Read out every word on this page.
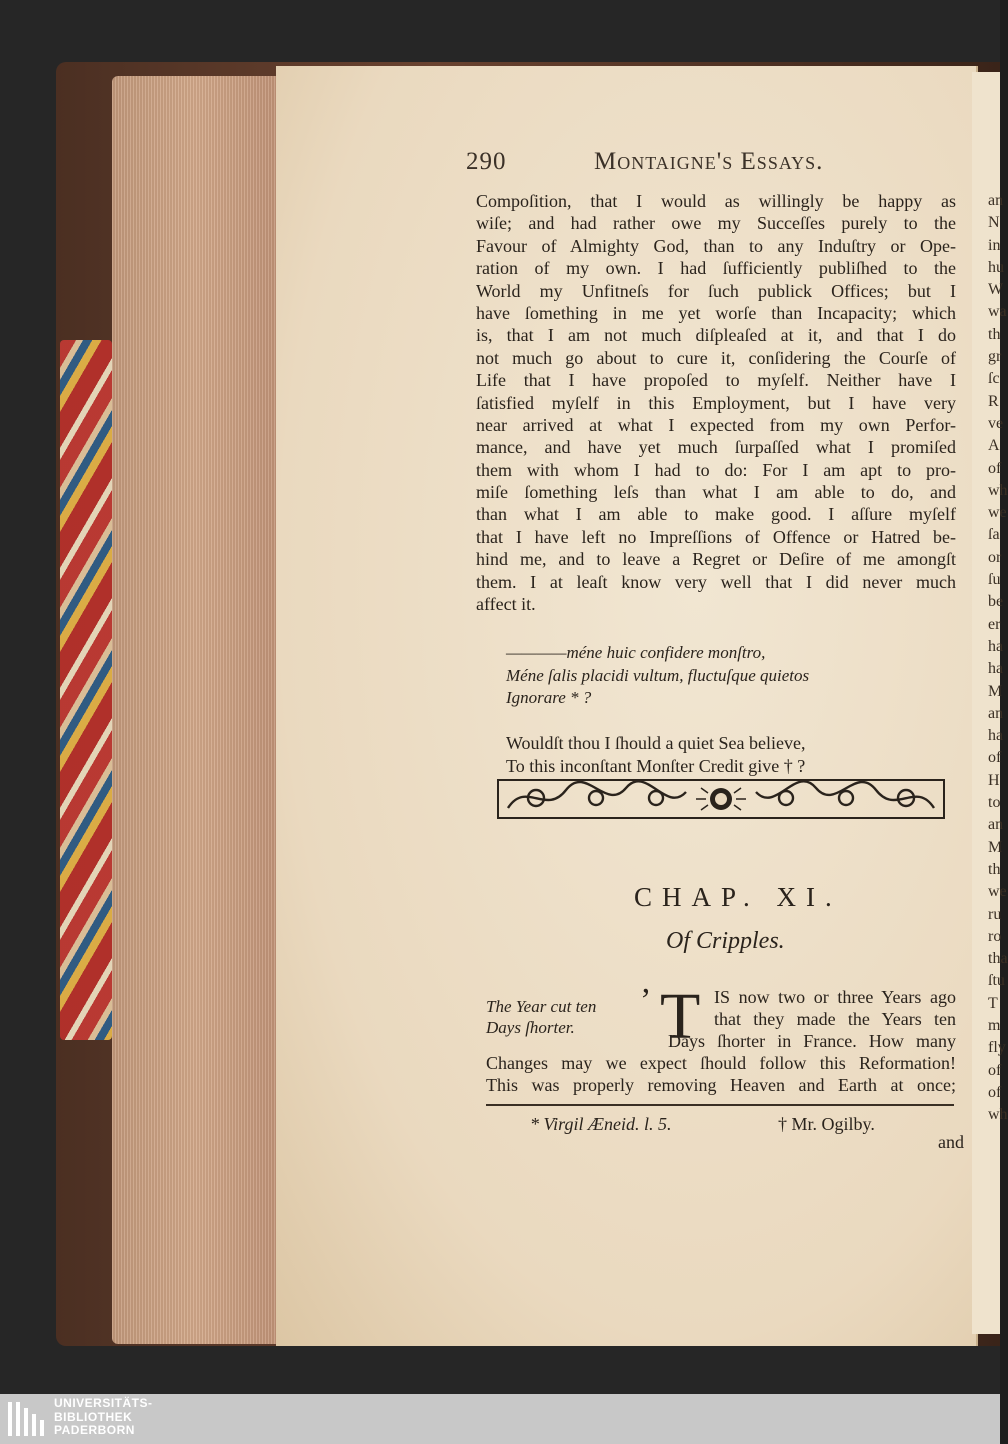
an
N
in
hu
W
wa
th
gr
ſc
R
ve
A
of
wh
we
ſa
or
ſu
be
er
ha
ha
M
an
ha
of
H
to
an
M
th
we
ru
ro
tha
ſtu
T
m
fly
of
of
wh
290	Montaigne's Essays.
Compoſition, that I would as willingly be happy as
wiſe; and had rather owe my Succeſſes purely to the
Favour of Almighty God, than to any Induſtry or Ope-
ration of my own. I had ſufficiently publiſhed to the
World my Unfitneſs for ſuch publick Offices; but I
have ſomething in me yet worſe than Incapacity; which
is, that I am not much diſpleaſed at it, and that I do
not much go about to cure it, conſidering the Courſe of
Life that I have propoſed to myſelf. Neither have I
ſatisfied myſelf in this Employment, but I have very
near arrived at what I expected from my own Perfor-
mance, and have yet much ſurpaſſed what I promiſed
them with whom I had to do: For I am apt to pro-
miſe ſomething leſs than what I am able to do, and
than what I am able to make good. I aſſure myſelf
that I have left no Impreſſions of Offence or Hatred be-
hind me, and to leave a Regret or Deſire of me amongſt
them. I at leaſt know very well that I did never much
affect it.
————méne huic confidere monſtro,
Méne ſalis placidi vultum, fluctuſque quietos
Ignorare * ?
Wouldſt thou I ſhould a quiet Sea believe,
To this inconſtant Monſter Credit give † ?
CHAP. XI.
Of Cripples.
The Year cut ten
Days ſhorter.
’ T IS now two or three Years ago
that they made the Years ten
Days ſhorter in France. How many
Changes may we expect ſhould follow this Reformation!
This was properly removing Heaven and Earth at once;
* Virgil Æneid. l. 5.	† Mr. Ogilby.
and
UNIVERSITÄTS-
BIBLIOTHEK
PADERBORN
